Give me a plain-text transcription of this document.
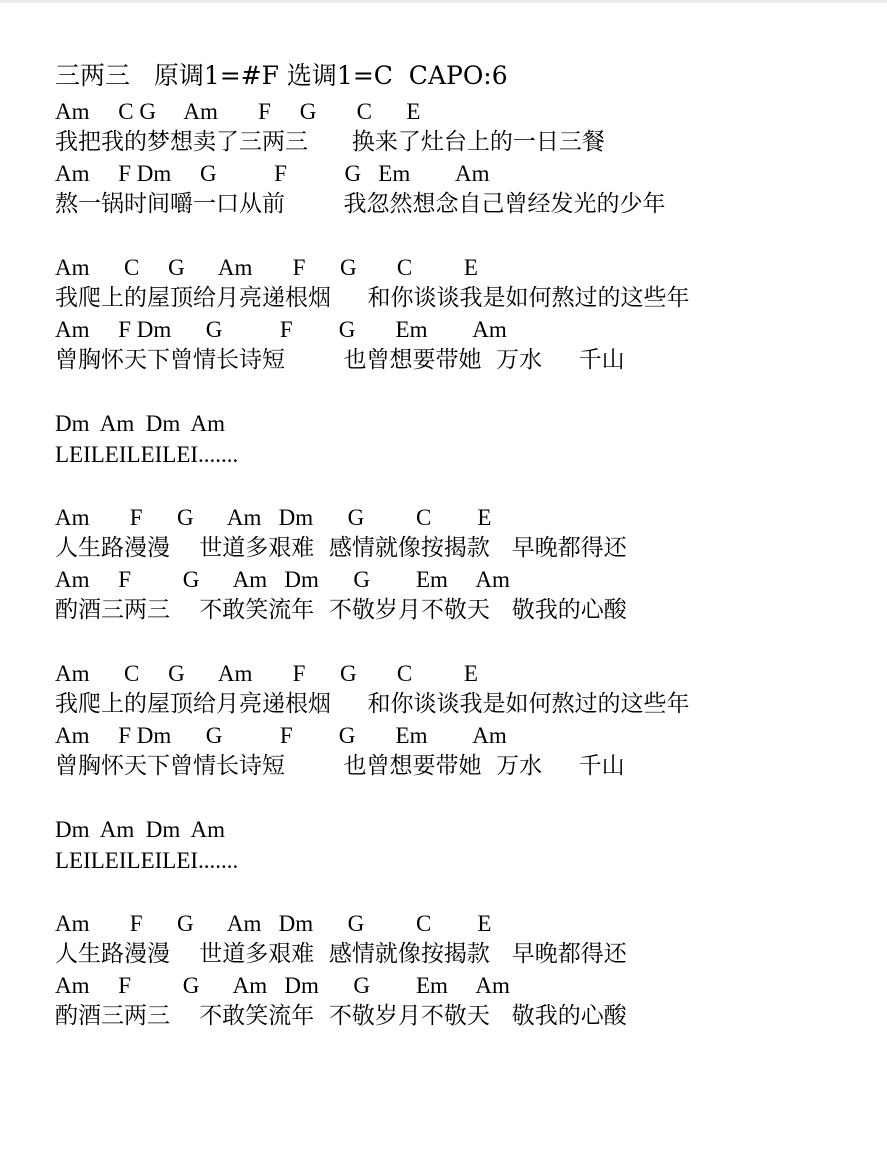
三两三   原调1=#F 选调1=C  CAPO:6
Am     C G     Am       F     G       C      E
我把我的梦想卖了三两三      换来了灶台上的一日三餐
Am     F Dm     G          F          G   Em        Am
熬一锅时间嚼一口从前        我忽然想念自己曾经发光的少年
Am      C     G      Am       F      G       C         E
我爬上的屋顶给月亮递根烟     和你谈谈我是如何熬过的这些年
Am     F Dm      G          F        G       Em        Am
曾胸怀天下曾情长诗短        也曾想要带她  万水     千山
Dm  Am  Dm  Am
LEILEILEILEI.......
Am       F      G      Am   Dm      G         C        E
人生路漫漫    世道多艰难  感情就像按揭款   早晚都得还
Am     F         G      Am   Dm      G        Em     Am
酌酒三两三    不敢笑流年  不敬岁月不敬天   敬我的心酸
Am      C     G      Am       F      G       C         E
我爬上的屋顶给月亮递根烟     和你谈谈我是如何熬过的这些年
Am     F Dm      G          F        G       Em        Am
曾胸怀天下曾情长诗短        也曾想要带她  万水     千山
Dm  Am  Dm  Am
LEILEILEILEI.......
Am       F      G      Am   Dm      G         C        E
人生路漫漫    世道多艰难  感情就像按揭款   早晚都得还
Am     F         G      Am   Dm      G        Em     Am
酌酒三两三    不敢笑流年  不敬岁月不敬天   敬我的心酸
